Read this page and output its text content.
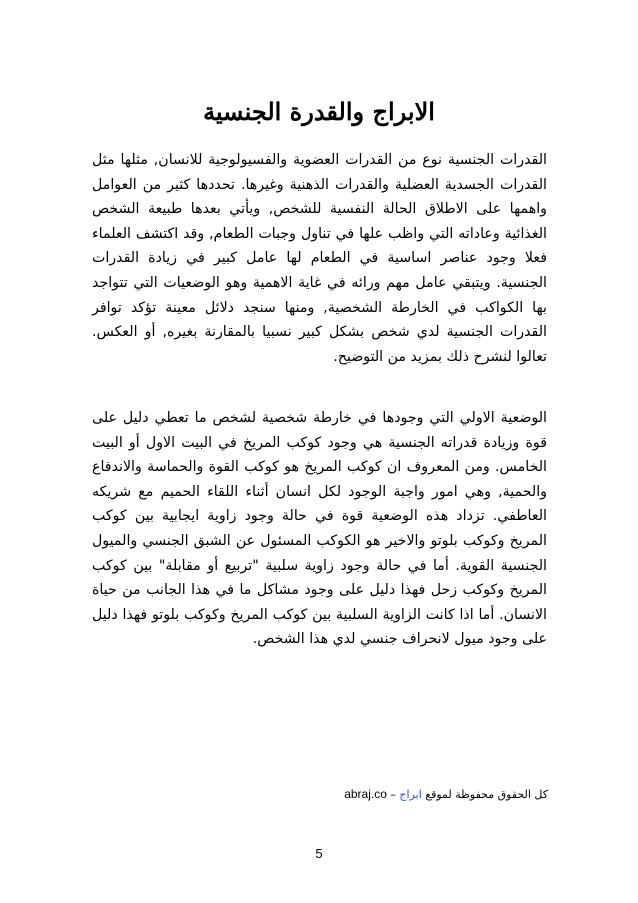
الابراج والقدرة الجنسية

القدرات الجنسية نوع من القدرات العضوية والفسيولوجية للانسان, مثلها مثل القدرات الجسدية العضلية والقدرات الذهنية وغيرها. تحددها كثير من العوامل واهمها على الاطلاق الحالة النفسية للشخص, ويأتي بعدها طبيعة الشخص الغذائية وعاداته التي واظب علها في تناول وجبات الطعام, وقد اكتشف العلماء فعلا وجود عناصر اساسية في الطعام لها عامل كبير في زيادة القدرات الجنسية. ويتبقي عامل مهم ورائه في غاية الاهمية وهو الوضعيات التي تتواجد بها الكواكب في الخارطة الشخصية, ومنها سنجد دلائل معينة تؤكد توافر القدرات الجنسية لدي شخص بشكل كبير نسبيا بالمقارنة بغيره, أو العكس. تعالوا لنشرح ذلك بمزيد من التوضيح.

الوضعية الاولي التي وجودها في خارطة شخصية لشخص ما تعطي دليل على قوة وزيادة قدراته الجنسية هي وجود كوكب المريخ في البيت الاول أو البيت الخامس. ومن المعروف ان كوكب المريخ هو كوكب القوة والحماسة والاندفاع والحمية, وهي امور واجبة الوجود لكل انسان أثناء اللقاء الحميم مع شريكه العاطفي. تزداد هذه الوضعية قوة في حالة وجود زاوية ايجابية بين كوكب المريخ وكوكب بلوتو والاخير هو الكوكب المسئول عن الشبق الجنسي والميول الجنسية القوية. أما في حالة وجود زاوية سلبية "تربيع أو مقابلة" بين كوكب المريخ وكوكب زحل فهذا دليل على وجود مشاكل ما في هذا الجانب من حياة الانسان. أما اذا كانت الزاوية السلبية بين كوكب المريخ وكوكب بلوتو فهذا دليل على وجود ميول لانحراف جنسي لدي هذا الشخص.

كل الحقوق محفوظة لموقع ابراج – abraj.co
5
